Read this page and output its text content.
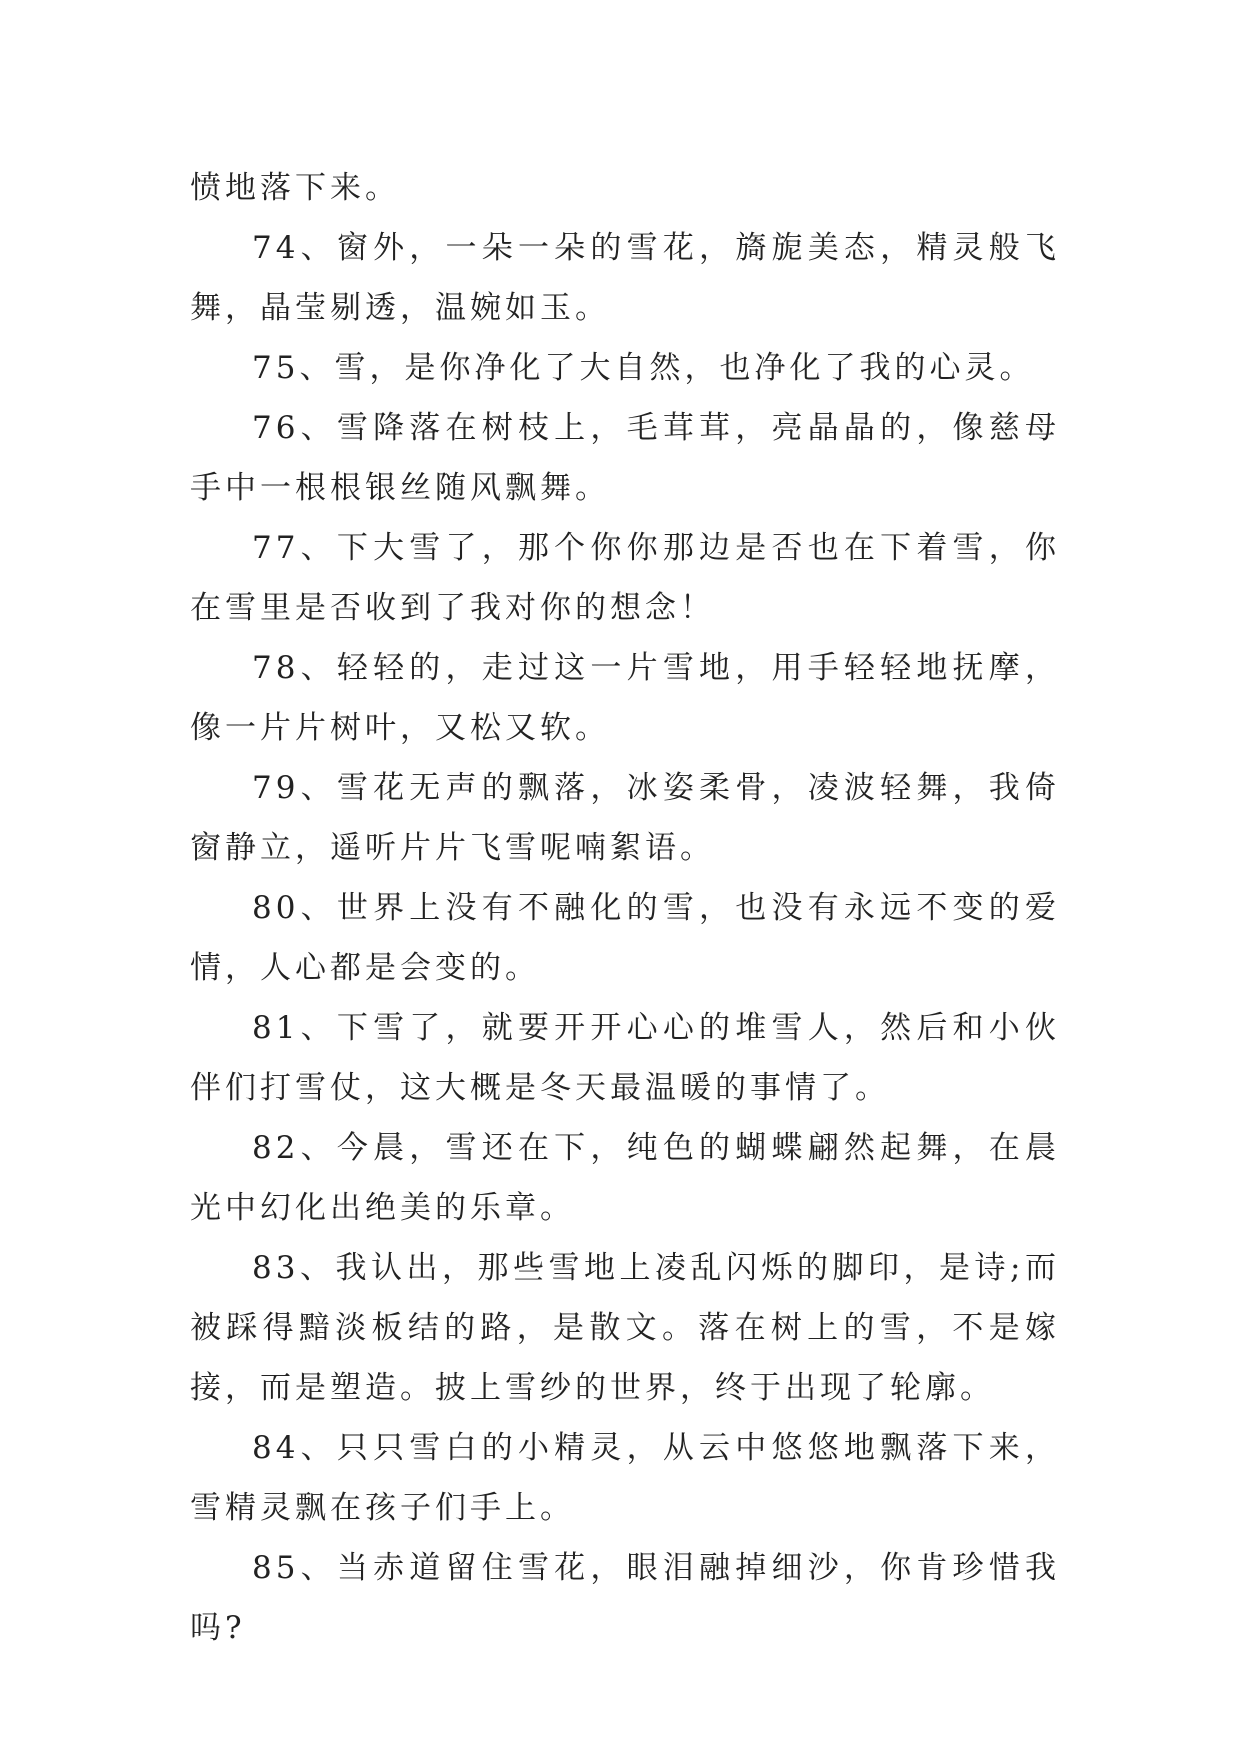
愤地落下来。

74、窗外，一朵一朵的雪花，旖旎美态，精灵般飞舞，晶莹剔透，温婉如玉。

75、雪，是你净化了大自然，也净化了我的心灵。

76、雪降落在树枝上，毛茸茸，亮晶晶的，像慈母手中一根根银丝随风飘舞。

77、下大雪了，那个你你那边是否也在下着雪，你在雪里是否收到了我对你的想念！

78、轻轻的，走过这一片雪地，用手轻轻地抚摩，像一片片树叶，又松又软。

79、雪花无声的飘落，冰姿柔骨，凌波轻舞，我倚窗静立，遥听片片飞雪呢喃絮语。

80、世界上没有不融化的雪，也没有永远不变的爱情，人心都是会变的。

81、下雪了，就要开开心心的堆雪人，然后和小伙伴们打雪仗，这大概是冬天最温暖的事情了。

82、今晨，雪还在下，纯色的蝴蝶翩然起舞，在晨光中幻化出绝美的乐章。

83、我认出，那些雪地上凌乱闪烁的脚印，是诗;而被踩得黯淡板结的路，是散文。落在树上的雪，不是嫁接，而是塑造。披上雪纱的世界，终于出现了轮廓。

84、只只雪白的小精灵，从云中悠悠地飘落下来，雪精灵飘在孩子们手上。

85、当赤道留住雪花，眼泪融掉细沙，你肯珍惜我吗?
